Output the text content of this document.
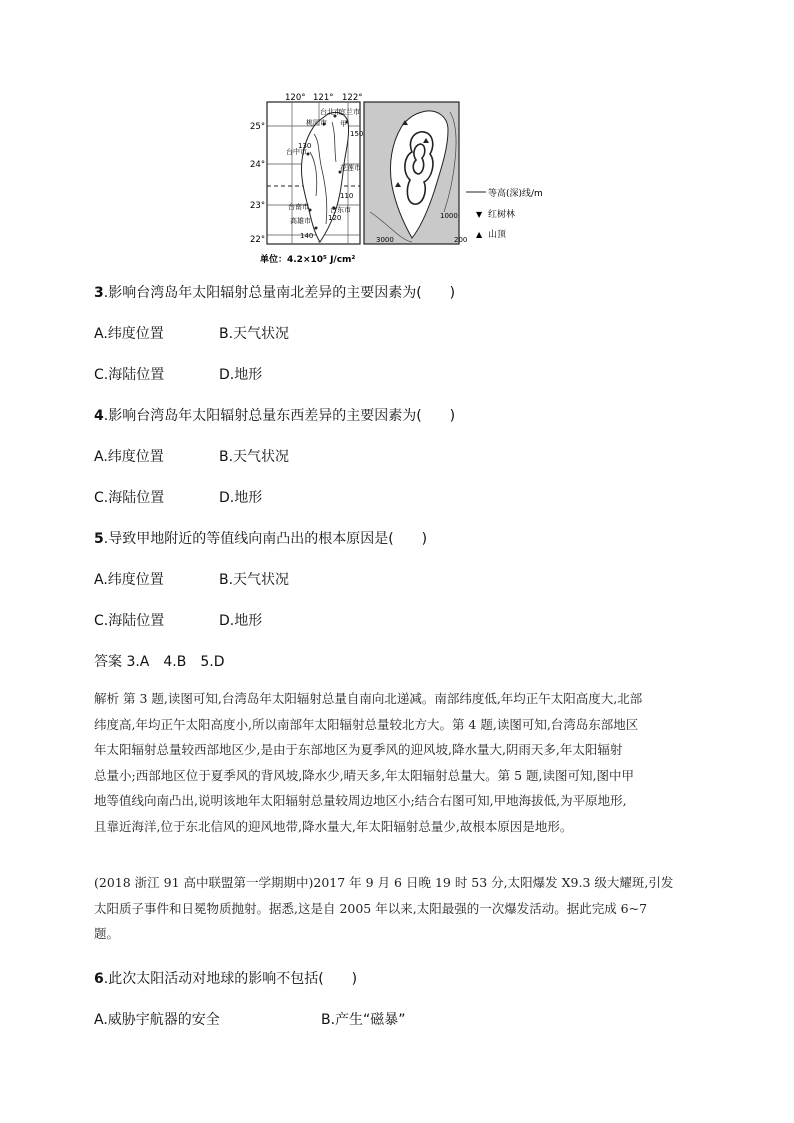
120° 121° 122°
25°
24°
23°
22°
台北市
宜兰市
桃园市 甲
台中市
花莲市
台南市	台东市
高雄市
150
130
110
120
140
单位：4.2×10⁵ J/cm²
200
1000
3000
等高(深)线/m
▼ 红树林
▲ 山顶
3.影响台湾岛年太阳辐射总量南北差异的主要因素为(　　)
A.纬度位置	B.天气状况
C.海陆位置	D.地形
4.影响台湾岛年太阳辐射总量东西差异的主要因素为(　　)
A.纬度位置	B.天气状况
C.海陆位置	D.地形
5.导致甲地附近的等值线向南凸出的根本原因是(　　)
A.纬度位置	B.天气状况
C.海陆位置	D.地形
答案 3.A　4.B　5.D
解析 第 3 题,读图可知,台湾岛年太阳辐射总量自南向北递减。南部纬度低,年均正午太阳高度大,北部
纬度高,年均正午太阳高度小,所以南部年太阳辐射总量较北方大。第 4 题,读图可知,台湾岛东部地区
年太阳辐射总量较西部地区少,是由于东部地区为夏季风的迎风坡,降水量大,阴雨天多,年太阳辐射
总量小;西部地区位于夏季风的背风坡,降水少,晴天多,年太阳辐射总量大。第 5 题,读图可知,图中甲
地等值线向南凸出,说明该地年太阳辐射总量较周边地区小;结合右图可知,甲地海拔低,为平原地形,
且靠近海洋,位于东北信风的迎风地带,降水量大,年太阳辐射总量少,故根本原因是地形。
(2018 浙江 91 高中联盟第一学期期中)2017 年 9 月 6 日晚 19 时 53 分,太阳爆发 X9.3 级大耀斑,引发
太阳质子事件和日冕物质抛射。据悉,这是自 2005 年以来,太阳最强的一次爆发活动。据此完成 6~7
题。
6.此次太阳活动对地球的影响不包括(　　)
A.威胁宇航器的安全	B.产生“磁暴”
